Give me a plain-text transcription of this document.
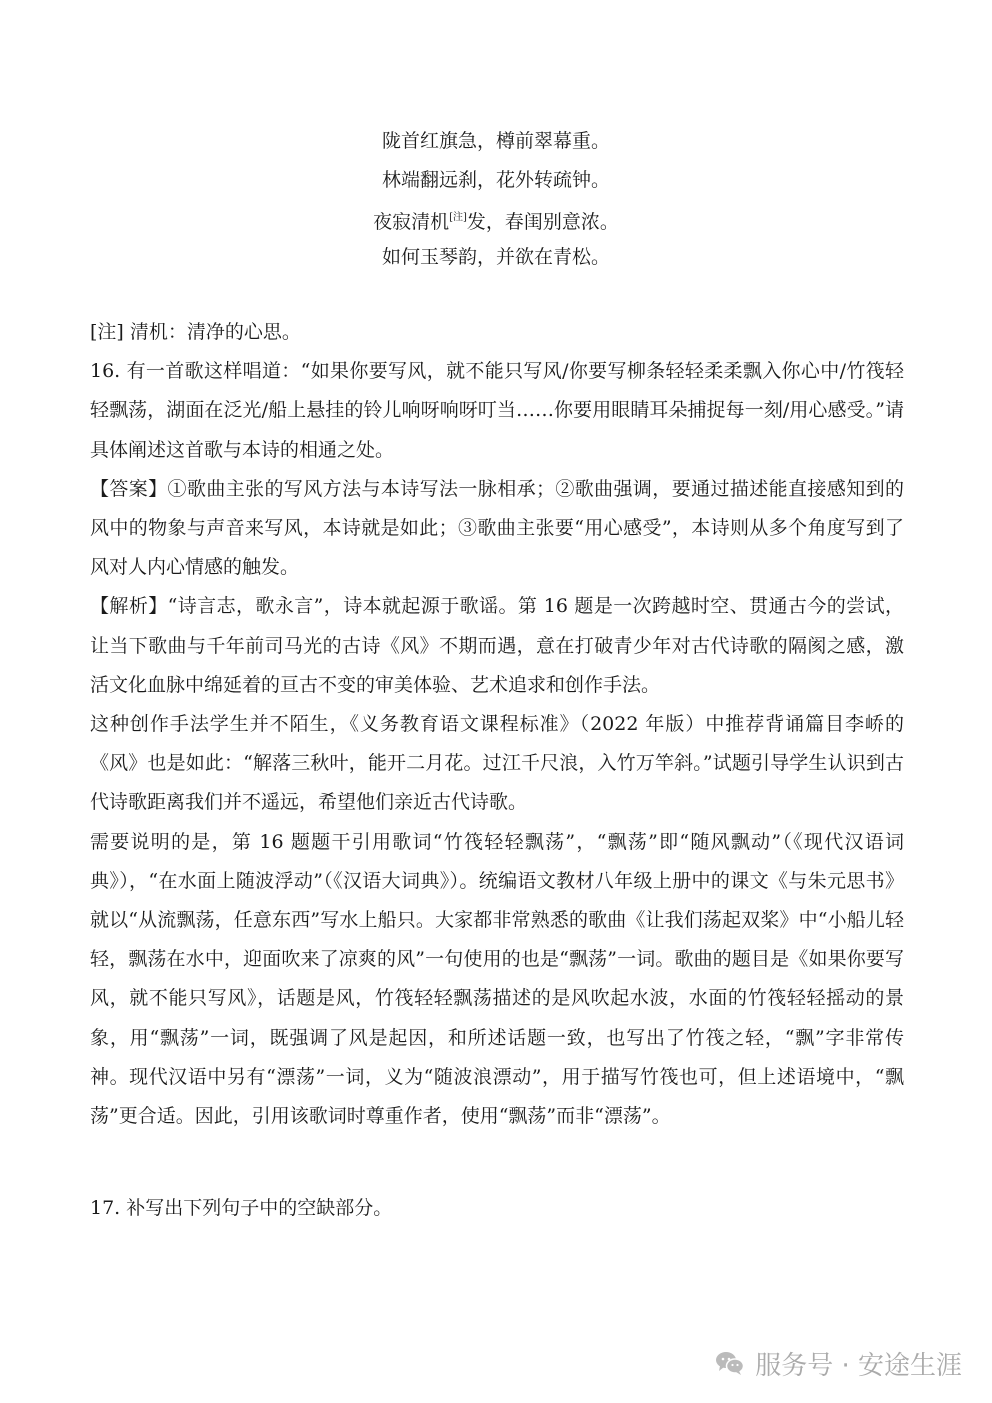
陇首红旗急，樽前翠幕重。
林端翻远刹，花外转疏钟。
夜寂清机[注]发，春闺别意浓。
如何玉琴韵，并欲在青松。

[注] 清机：清净的心思。

16. 有一首歌这样唱道：“如果你要写风，就不能只写风/你要写柳条轻轻柔柔飘入你心中/竹筏轻轻飘荡，湖面在泛光/船上悬挂的铃儿响呀响呀叮当……你要用眼睛耳朵捕捉每一刻/用心感受。”请具体阐述这首歌与本诗的相通之处。

【答案】①歌曲主张的写风方法与本诗写法一脉相承；②歌曲强调，要通过描述能直接感知到的风中的物象与声音来写风，本诗就是如此；③歌曲主张要“用心感受”，本诗则从多个角度写到了风对人内心情感的触发。

【解析】“诗言志，歌永言”，诗本就起源于歌谣。第 16 题是一次跨越时空、贯通古今的尝试，让当下歌曲与千年前司马光的古诗《风》不期而遇，意在打破青少年对古代诗歌的隔阂之感，激活文化血脉中绵延着的亘古不变的审美体验、艺术追求和创作手法。

这种创作手法学生并不陌生，《义务教育语文课程标准》（2022 年版）中推荐背诵篇目李峤的《风》也是如此：“解落三秋叶，能开二月花。过江千尺浪，入竹万竿斜。”试题引导学生认识到古代诗歌距离我们并不遥远，希望他们亲近古代诗歌。

需要说明的是，第 16 题题干引用歌词“竹筏轻轻飘荡”，“飘荡”即“随风飘动”（《现代汉语词典》），“在水面上随波浮动”（《汉语大词典》）。统编语文教材八年级上册中的课文《与朱元思书》就以“从流飘荡，任意东西”写水上船只。大家都非常熟悉的歌曲《让我们荡起双桨》中“小船儿轻轻，飘荡在水中，迎面吹来了凉爽的风”一句使用的也是“飘荡”一词。歌曲的题目是《如果你要写风，就不能只写风》，话题是风，竹筏轻轻飘荡描述的是风吹起水波，水面的竹筏轻轻摇动的景象，用“飘荡”一词，既强调了风是起因，和所述话题一致，也写出了竹筏之轻，“飘”字非常传神。现代汉语中另有“漂荡”一词，义为“随波浪漂动”，用于描写竹筏也可，但上述语境中，“飘荡”更合适。因此，引用该歌词时尊重作者，使用“飘荡”而非“漂荡”。

17. 补写出下列句子中的空缺部分。

服务号 · 安途生涯
